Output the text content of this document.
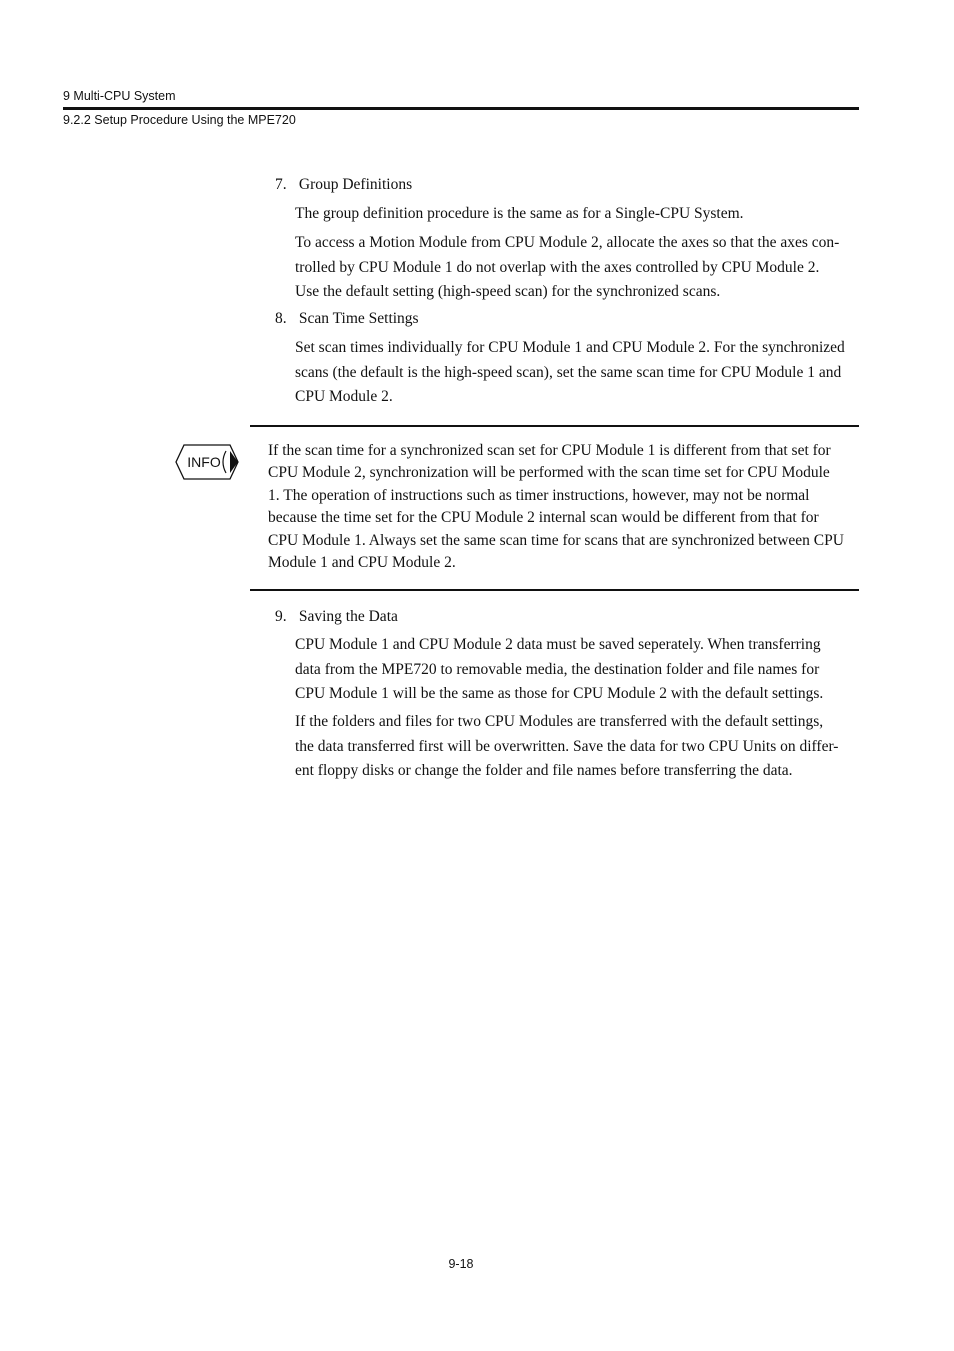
9 Multi-CPU System
9.2.2 Setup Procedure Using the MPE720
7. Group Definitions

The group definition procedure is the same as for a Single-CPU System.

To access a Motion Module from CPU Module 2, allocate the axes so that the axes con-
trolled by CPU Module 1 do not overlap with the axes controlled by CPU Module 2.
Use the default setting (high-speed scan) for the synchronized scans.

8. Scan Time Settings

Set scan times individually for CPU Module 1 and CPU Module 2. For the synchronized
scans (the default is the high-speed scan), set the same scan time for CPU Module 1 and
CPU Module 2.

INFO

If the scan time for a synchronized scan set for CPU Module 1 is different from that set for
CPU Module 2, synchronization will be performed with the scan time set for CPU Module
1. The operation of instructions such as timer instructions, however, may not be normal
because the time set for the CPU Module 2 internal scan would be different from that for
CPU Module 1. Always set the same scan time for scans that are synchronized between CPU
Module 1 and CPU Module 2.

9. Saving the Data

CPU Module 1 and CPU Module 2 data must be saved seperately. When transferring
data from the MPE720 to removable media, the destination folder and file names for
CPU Module 1 will be the same as those for CPU Module 2 with the default settings.

If the folders and files for two CPU Modules are transferred with the default settings,
the data transferred first will be overwritten. Save the data for two CPU Units on differ-
ent floppy disks or change the folder and file names before transferring the data.

9-18
